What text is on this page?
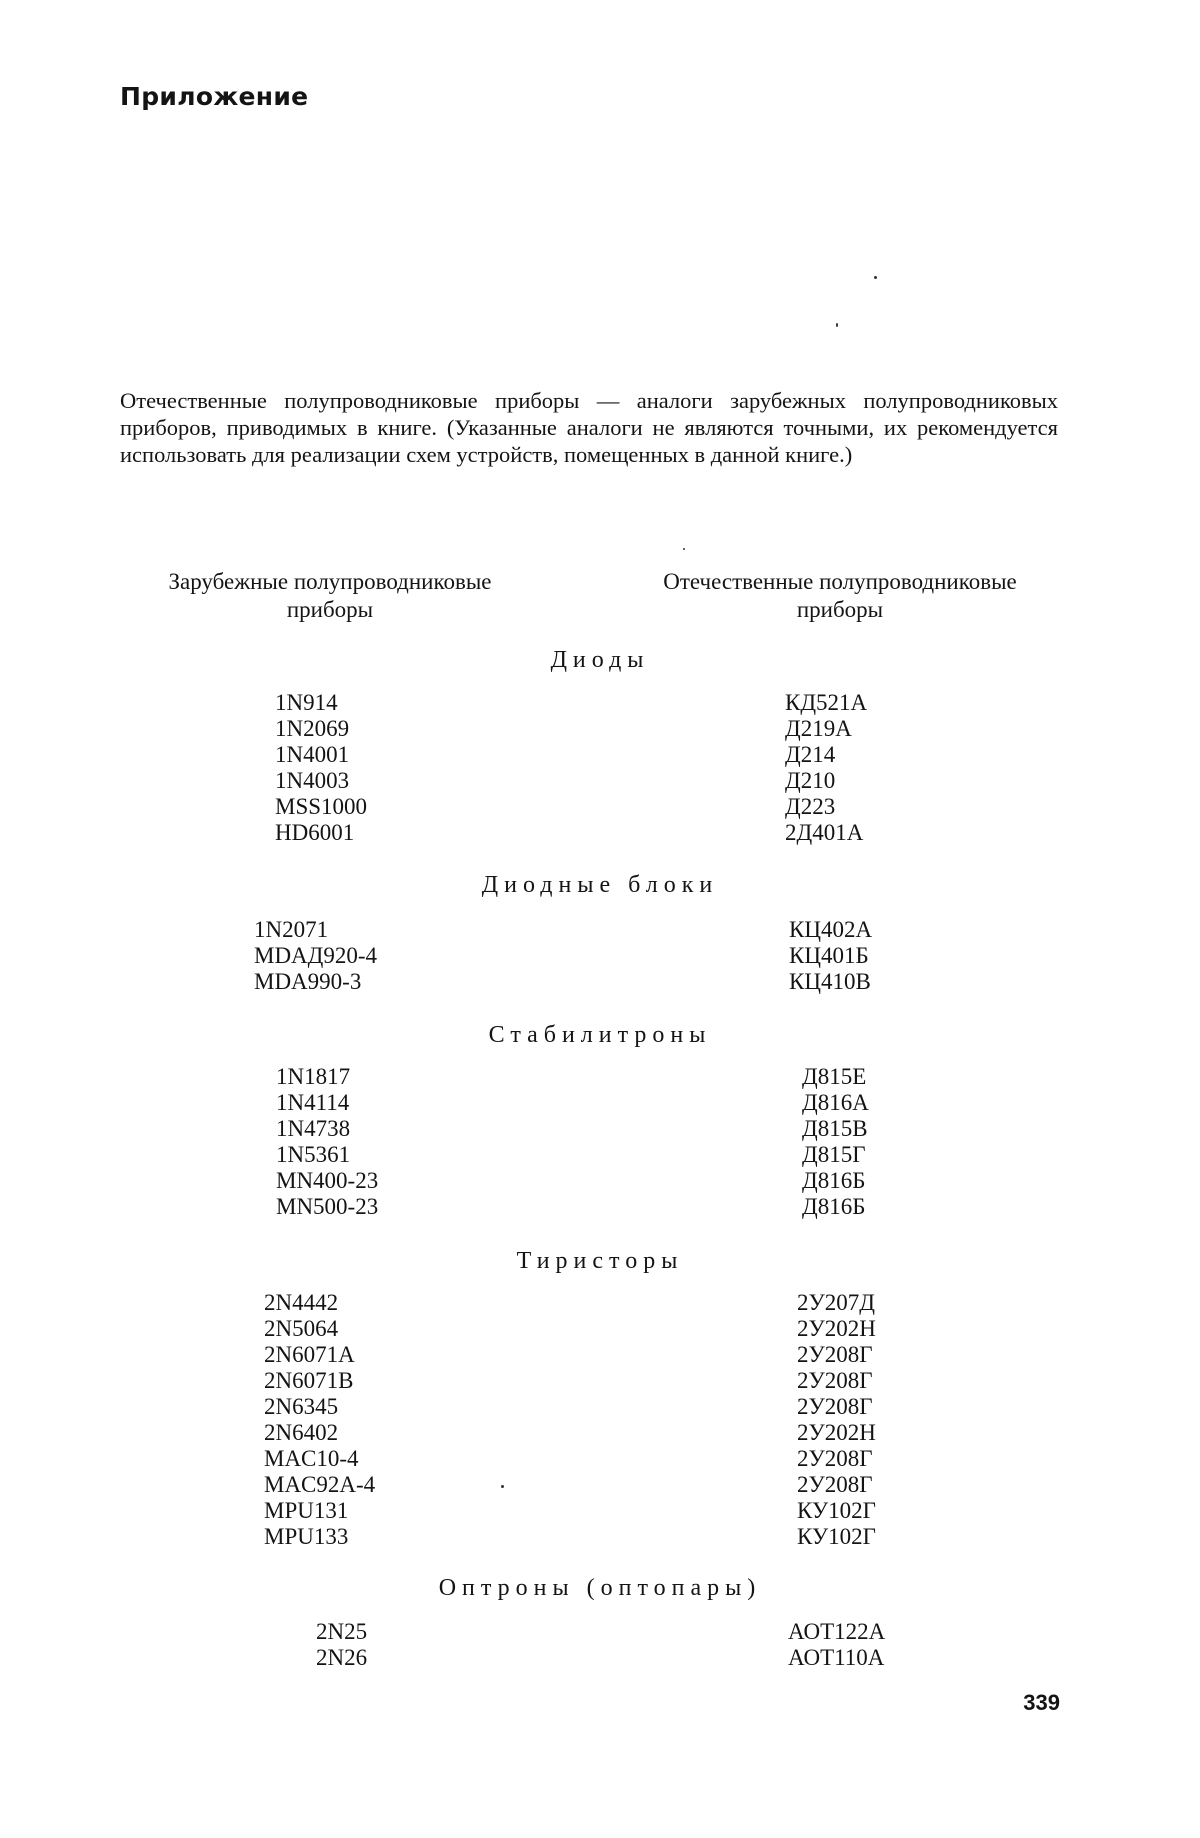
Приложение
Отечественные полупроводниковые приборы — аналоги зарубежных полупроводниковых приборов, приводимых в книге. (Указанные аналоги не являются точными, их рекомендуется использовать для реализации схем устройств, помещенных в данной книге.)
Зарубежные полупроводниковые приборы
Отечественные полупроводниковые приборы
Диоды
1N914
1N2069
1N4001
1N4003
MSS1000
HD6001
КД521А
Д219А
Д214
Д210
Д223
2Д401А
Диодные блоки
1N2071
MDAД920-4
MDA990-3
КЦ402А
КЦ401Б
КЦ410В
Стабилитроны
1N1817
1N4114
1N4738
1N5361
MN400-23
MN500-23
Д815Е
Д816А
Д815В
Д815Г
Д816Б
Д816Б
Тиристоры
2N4442
2N5064
2N6071A
2N6071B
2N6345
2N6402
MAC10-4
MAC92A-4
MPU131
MPU133
2У207Д
2У202Н
2У208Г
2У208Г
2У208Г
2У202Н
2У208Г
2У208Г
КУ102Г
КУ102Г
Оптроны (оптопары)
2N25
2N26
АОТ122А
АОТ110А
339
